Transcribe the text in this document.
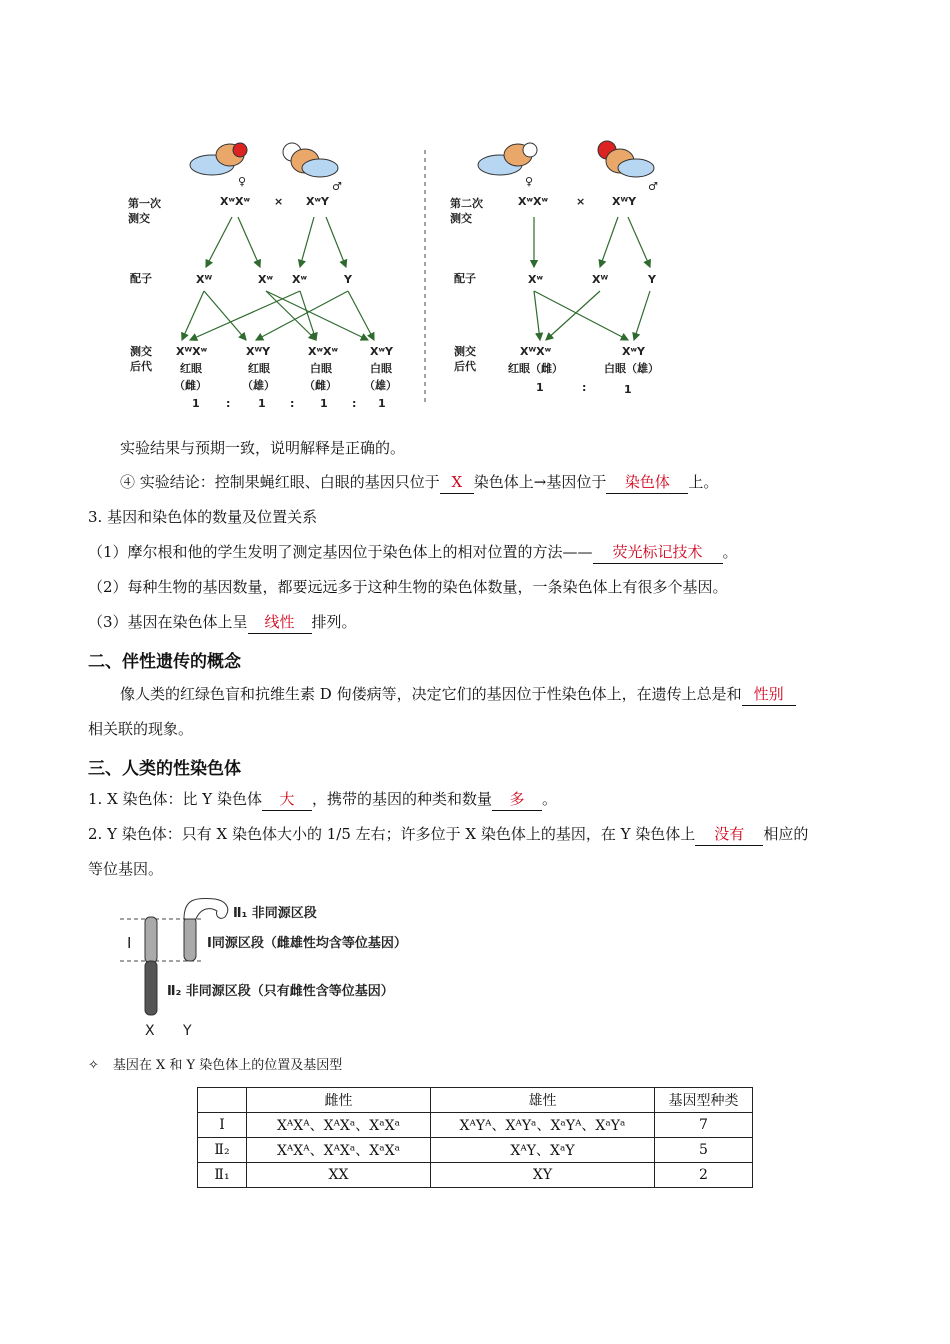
♀	♂
第一次测交
XʷXʷ × XʷY
配子	Xᵂ	Xʷ Xʷ	Y
测交后代
XᵂXʷ	XᵂY	XʷXʷ	XʷY
红眼	红眼	白眼	白眼
（雌）	（雄）	（雌） （雄）
1 :	1 : 1 : 1
♀	♂
第二次测交
XʷXʷ	× XᵂY
配子	Xʷ	Xᵂ	Y
测交后代
XᵂXʷ	XʷY
红眼（雌）	白眼（雄）
1	:	1
实验结果与预期一致，说明解释是正确的。
④ 实验结论：控制果蝇红眼、白眼的基因只位于 X 染色体上→基因位于 染色体 上。
3. 基因和染色体的数量及位置关系
（1）摩尔根和他的学生发明了测定基因位于染色体上的相对位置的方法—— 荧光标记技术 。
（2）每种生物的基因数量，都要远远多于这种生物的染色体数量，一条染色体上有很多个基因。
（3）基因在染色体上呈 线性 排列。
二、伴性遗传的概念
像人类的红绿色盲和抗维生素 D 佝偻病等，决定它们的基因位于性染色体上，在遗传上总是和 性别
相关联的现象。
三、人类的性染色体
1. X 染色体：比 Y 染色体 大 ，携带的基因的种类和数量 多 。
2. Y 染色体：只有 X 染色体大小的 1/5 左右；许多位于 X 染色体上的基因，在 Y 染色体上 没有 相应的
等位基因。
I
Ⅱ₁ 非同源区段
Ⅰ同源区段（雌雄性均含等位基因）
Ⅱ₂ 非同源区段（只有雌性含等位基因）
X Y
✧ 基因在 X 和 Y 染色体上的位置及基因型
	雌性	雄性	基因型种类
Ⅰ	XᴬXᴬ、XᴬXᵃ、XᵃXᵃ	XᴬYᴬ、XᴬYᵃ、XᵃYᴬ、XᵃYᵃ	7
Ⅱ₂	XᴬXᴬ、XᴬXᵃ、XᵃXᵃ	XᴬY、XᵃY	5
Ⅱ₁	XX	XY	2
